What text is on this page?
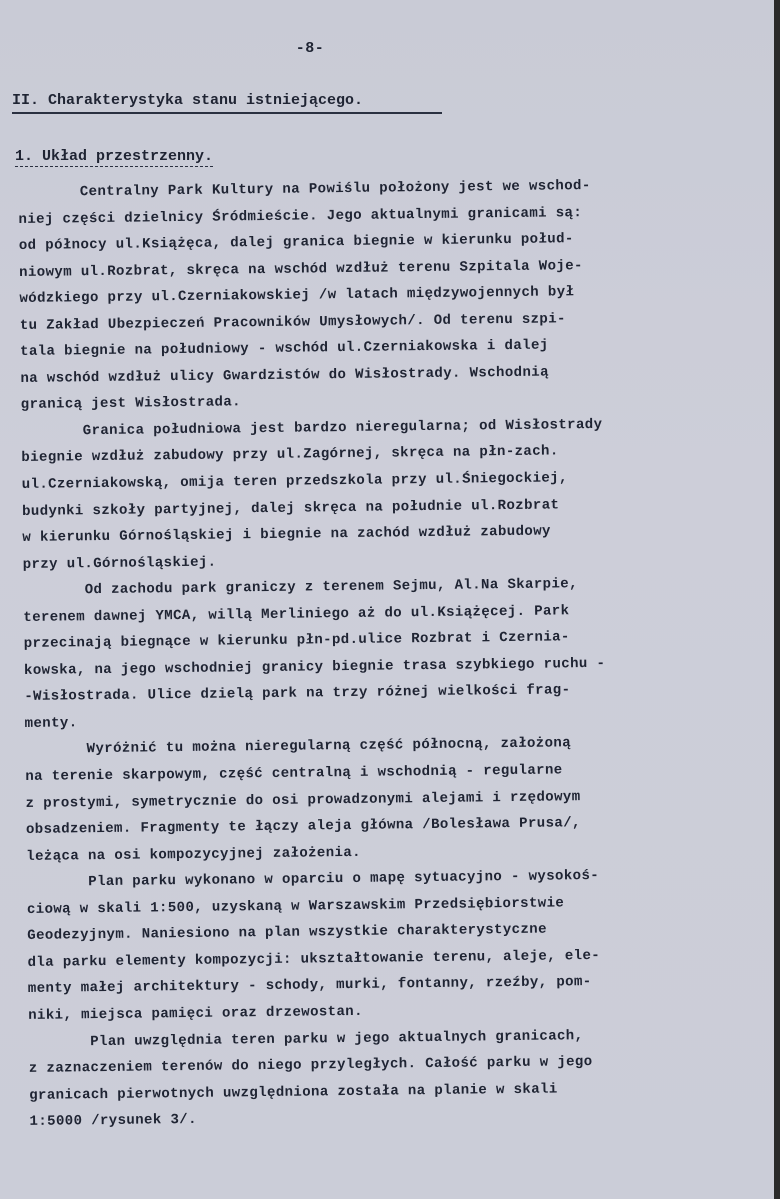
-8-
II. Charakterystyka stanu istniejącego.
1. Układ przestrzenny.
Centralny Park Kultury na Powiślu położony jest we wschod-
niej części dzielnicy Śródmieście. Jego aktualnymi granicami są:
od północy ul.Książęca, dalej granica biegnie w kierunku połud-
niowym ul.Rozbrat, skręca na wschód wzdłuż terenu Szpitala Woje-
wódzkiego przy ul.Czerniakowskiej /w latach międzywojennych był
tu Zakład Ubezpieczeń Pracowników Umysłowych/. Od terenu szpi-
tala biegnie na południowy - wschód ul.Czerniakowska i dalej
na wschód wzdłuż ulicy Gwardzistów do Wisłostrady. Wschodnią
granicą jest Wisłostrada.
Granica południowa jest bardzo nieregularna; od Wisłostrady
biegnie wzdłuż zabudowy przy ul.Zagórnej, skręca na płn-zach.
ul.Czerniakowską, omija teren przedszkola przy ul.Śniegockiej,
budynki szkoły partyjnej, dalej skręca na południe ul.Rozbrat
w kierunku Górnośląskiej i biegnie na zachód wzdłuż zabudowy
przy ul.Górnośląskiej.
Od zachodu park graniczy z terenem Sejmu, Al.Na Skarpie,
terenem dawnej YMCA, willą Merliniego aż do ul.Książęcej. Park
przecinają biegnące w kierunku płn-pd.ulice Rozbrat i Czernia-
kowska, na jego wschodniej granicy biegnie trasa szybkiego ruchu -
-Wisłostrada. Ulice dzielą park na trzy różnej wielkości frag-
menty.
Wyróżnić tu można nieregularną część północną, założoną
na terenie skarpowym, część centralną i wschodnią - regularne
z prostymi, symetrycznie do osi prowadzonymi alejami i rzędowym
obsadzeniem. Fragmenty te łączy aleja główna /Bolesława Prusa/,
leżąca na osi kompozycyjnej założenia.
Plan parku wykonano w oparciu o mapę sytuacyjno - wysokoś-
ciową w skali 1:500, uzyskaną w Warszawskim Przedsiębiorstwie
Geodezyjnym. Naniesiono na plan wszystkie charakterystyczne
dla parku elementy kompozycji: ukształtowanie terenu, aleje, ele-
menty małej architektury - schody, murki, fontanny, rzeźby, pom-
niki, miejsca pamięci oraz drzewostan.
Plan uwzględnia teren parku w jego aktualnych granicach,
z zaznaczeniem terenów do niego przyległych. Całość parku w jego
granicach pierwotnych uwzględniona została na planie w skali
1:5000 /rysunek 3/.
